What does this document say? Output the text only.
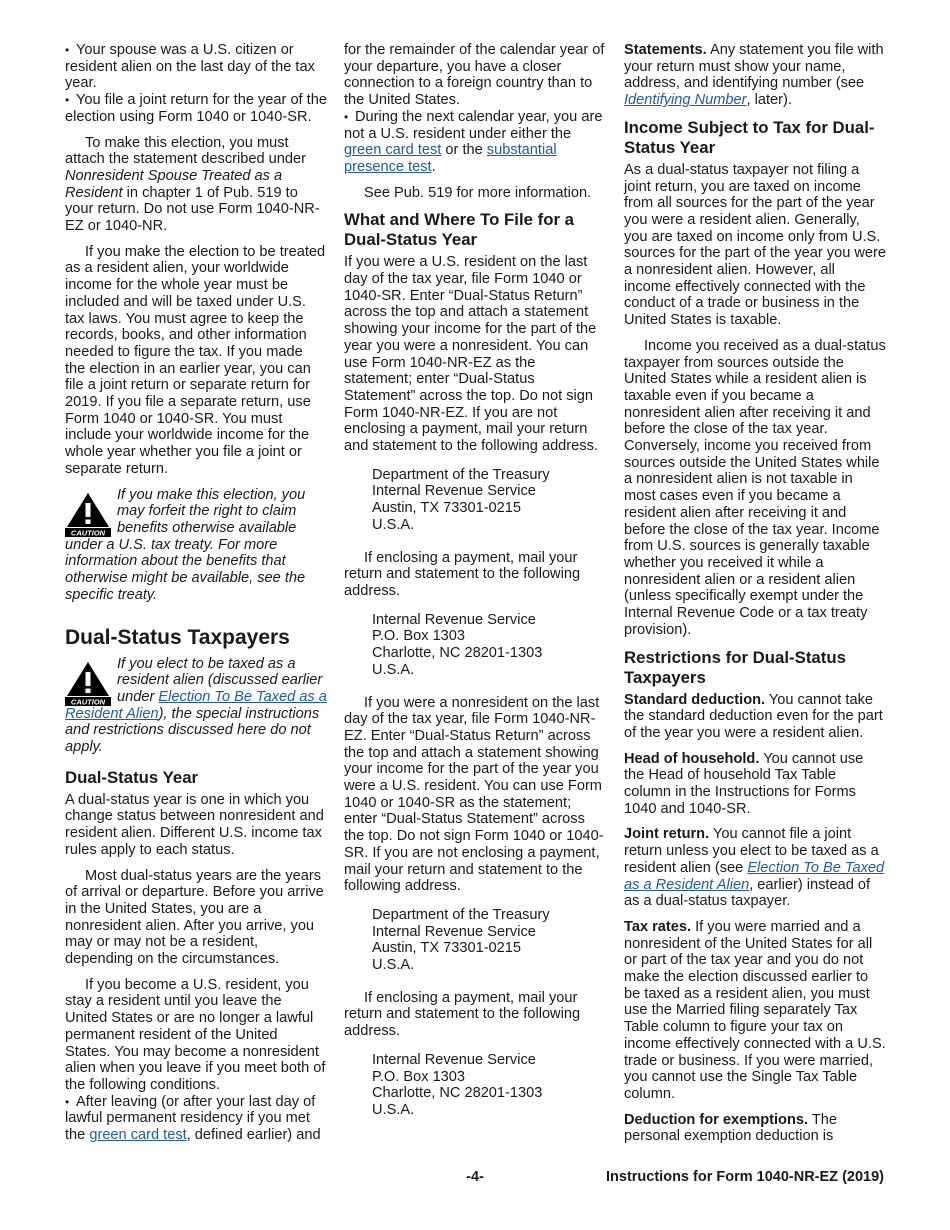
• Your spouse was a U.S. citizen or resident alien on the last day of the tax year.

• You file a joint return for the year of the election using Form 1040 or 1040-SR.

To make this election, you must attach the statement described under Nonresident Spouse Treated as a Resident in chapter 1 of Pub. 519 to your return. Do not use Form 1040-NR-EZ or 1040-NR.

If you make the election to be treated as a resident alien, your worldwide income for the whole year must be included and will be taxed under U.S. tax laws. You must agree to keep the records, books, and other information needed to figure the tax. If you made the election in an earlier year, you can file a joint return or separate return for 2019. If you file a separate return, use Form 1040 or 1040-SR. You must include your worldwide income for the whole year whether you file a joint or separate return.

CAUTION
If you make this election, you may forfeit the right to claim benefits otherwise available under a U.S. tax treaty. For more information about the benefits that otherwise might be available, see the specific treaty.
Dual-Status Taxpayers
CAUTION
If you elect to be taxed as a resident alien (discussed earlier under Election To Be Taxed as a Resident Alien), the special instructions and restrictions discussed here do not apply.
Dual-Status Year

A dual-status year is one in which you change status between nonresident and resident alien. Different U.S. income tax rules apply to each status.

Most dual-status years are the years of arrival or departure. Before you arrive in the United States, you are a nonresident alien. After you arrive, you may or may not be a resident, depending on the circumstances.

If you become a U.S. resident, you stay a resident until you leave the United States or are no longer a lawful permanent resident of the United States. You may become a nonresident alien when you leave if you meet both of the following conditions.

• After leaving (or after your last day of lawful permanent residency if you met the green card test, defined earlier) and

for the remainder of the calendar year of your departure, you have a closer connection to a foreign country than to the United States.

• During the next calendar year, you are not a U.S. resident under either the green card test or the substantial presence test.

See Pub. 519 for more information.

What and Where To File for a Dual-Status Year

If you were a U.S. resident on the last day of the tax year, file Form 1040 or 1040-SR. Enter “Dual-Status Return” across the top and attach a statement showing your income for the part of the year you were a nonresident. You can use Form 1040-NR-EZ as the statement; enter “Dual-Status Statement” across the top. Do not sign Form 1040-NR-EZ. If you are not enclosing a payment, mail your return and statement to the following address.

Department of the Treasury
Internal Revenue Service
Austin, TX 73301-0215
U.S.A.

If enclosing a payment, mail your return and statement to the following address.

Internal Revenue Service
P.O. Box 1303
Charlotte, NC 28201-1303
U.S.A.

If you were a nonresident on the last day of the tax year, file Form 1040-NR-EZ. Enter “Dual-Status Return” across the top and attach a statement showing your income for the part of the year you were a U.S. resident. You can use Form 1040 or 1040-SR as the statement; enter “Dual-Status Statement” across the top. Do not sign Form 1040 or 1040-SR. If you are not enclosing a payment, mail your return and statement to the following address.

Department of the Treasury
Internal Revenue Service
Austin, TX 73301-0215
U.S.A.

If enclosing a payment, mail your return and statement to the following address.

Internal Revenue Service
P.O. Box 1303
Charlotte, NC 28201-1303
U.S.A.

Statements. Any statement you file with your return must show your name, address, and identifying number (see Identifying Number, later).

Income Subject to Tax for Dual-Status Year

As a dual-status taxpayer not filing a joint return, you are taxed on income from all sources for the part of the year you were a resident alien. Generally, you are taxed on income only from U.S. sources for the part of the year you were a nonresident alien. However, all income effectively connected with the conduct of a trade or business in the United States is taxable.

Income you received as a dual-status taxpayer from sources outside the United States while a resident alien is taxable even if you became a nonresident alien after receiving it and before the close of the tax year. Conversely, income you received from sources outside the United States while a nonresident alien is not taxable in most cases even if you became a resident alien after receiving it and before the close of the tax year. Income from U.S. sources is generally taxable whether you received it while a nonresident alien or a resident alien (unless specifically exempt under the Internal Revenue Code or a tax treaty provision).

Restrictions for Dual-Status Taxpayers

Standard deduction. You cannot take the standard deduction even for the part of the year you were a resident alien.

Head of household. You cannot use the Head of household Tax Table column in the Instructions for Forms 1040 and 1040-SR.

Joint return. You cannot file a joint return unless you elect to be taxed as a resident alien (see Election To Be Taxed as a Resident Alien, earlier) instead of as a dual-status taxpayer.

Tax rates. If you were married and a nonresident of the United States for all or part of the tax year and you do not make the election discussed earlier to be taxed as a resident alien, you must use the Married filing separately Tax Table column to figure your tax on income effectively connected with a U.S. trade or business. If you were married, you cannot use the Single Tax Table column.

Deduction for exemptions. The personal exemption deduction is

-4-	Instructions for Form 1040-NR-EZ (2019)
